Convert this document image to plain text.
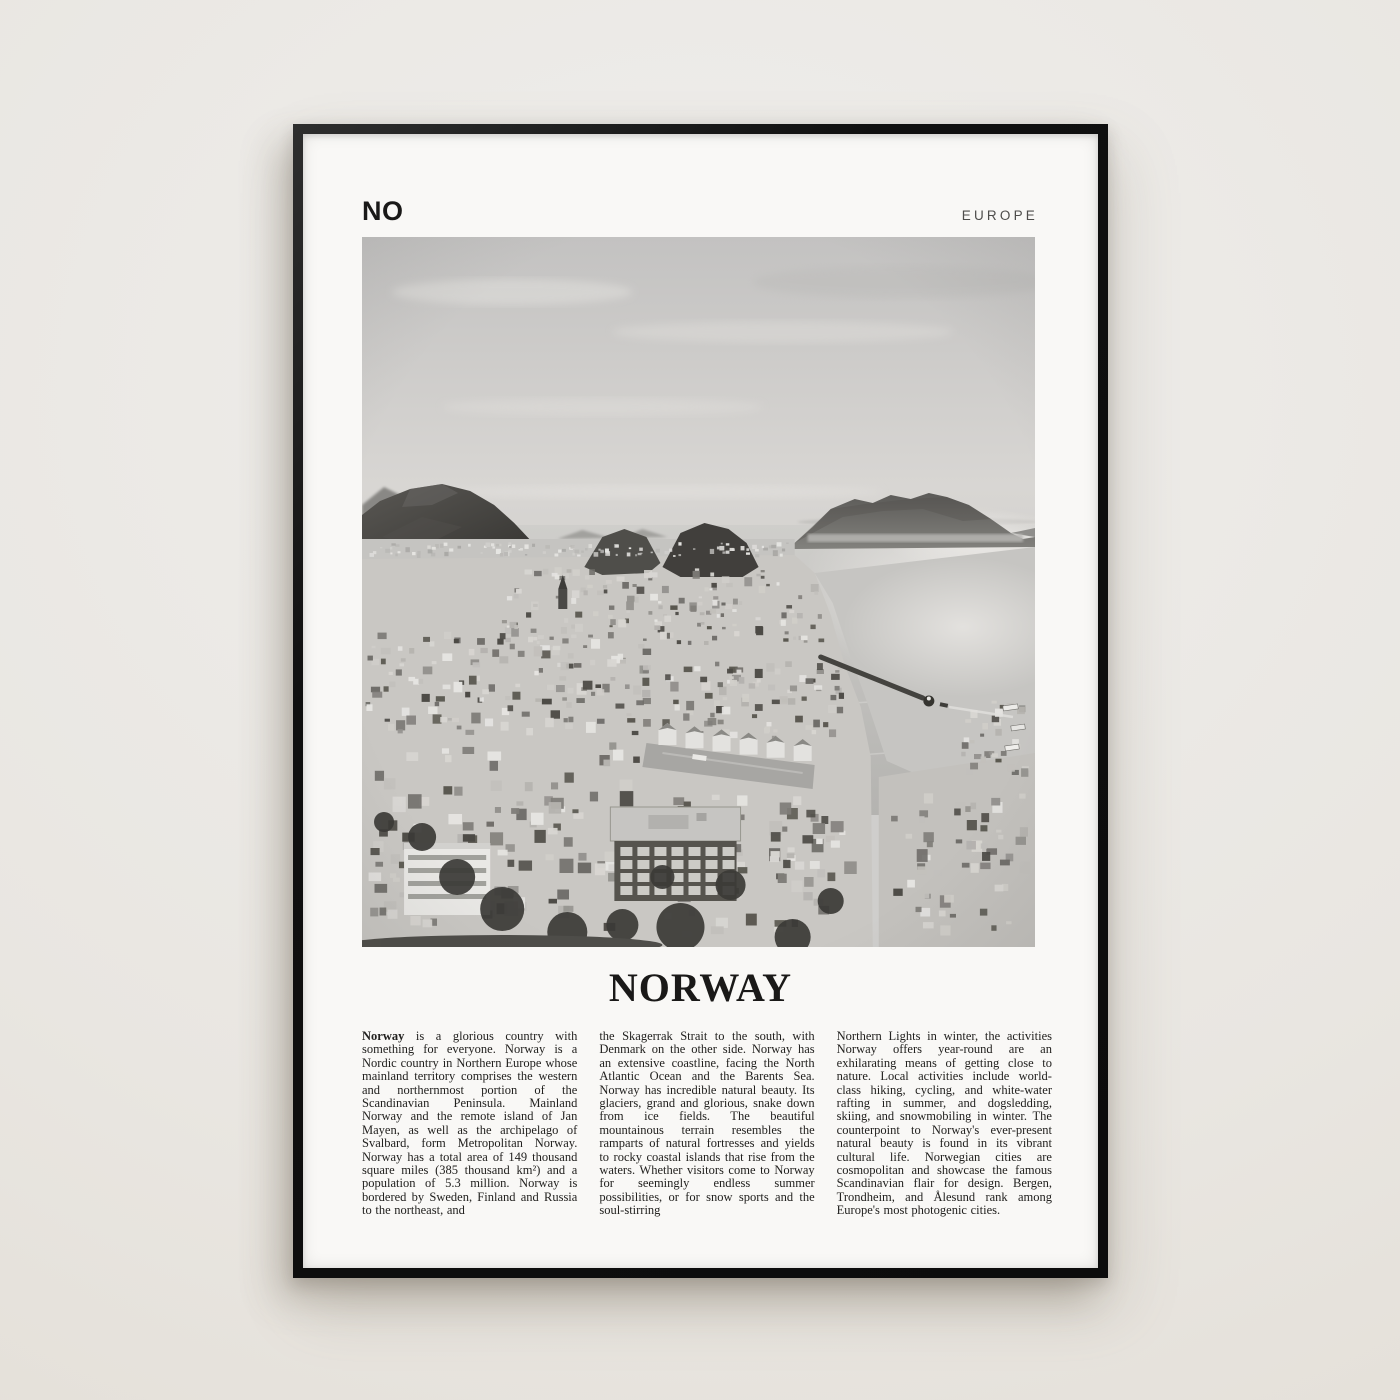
NO	EUROPE
NORWAY

Norway is a glorious country with something for everyone. Norway is a Nordic country in Northern Europe whose mainland territory comprises the western and northernmost portion of the Scandinavian Peninsula. Mainland Norway and the remote island of Jan Mayen, as well as the archipelago of Svalbard, form Metropolitan Norway. Norway has a total area of 149 thousand square miles (385 thousand km²) and a population of 5.3 million. Norway is bordered by Sweden, Finland and Russia to the northeast, and

the Skagerrak Strait to the south, with Denmark on the other side. Norway has an extensive coastline, facing the North Atlantic Ocean and the Barents Sea. Norway has incredible natural beauty. Its glaciers, grand and glorious, snake down from ice fields. The beautiful mountainous terrain resembles the ramparts of natural fortresses and yields to rocky coastal islands that rise from the waters. Whether visitors come to Norway for seemingly endless summer possibilities, or for snow sports and the soul-stirring

Northern Lights in winter, the activities Norway offers year-round are an exhilarating means of getting close to nature. Local activities include world-class hiking, cycling, and white-water rafting in summer, and dogsledding, skiing, and snowmobiling in winter. The counterpoint to Norway's ever-present natural beauty is found in its vibrant cultural life. Norwegian cities are cosmopolitan and showcase the famous Scandinavian flair for design. Bergen, Trondheim, and Ålesund rank among Europe's most photogenic cities.
